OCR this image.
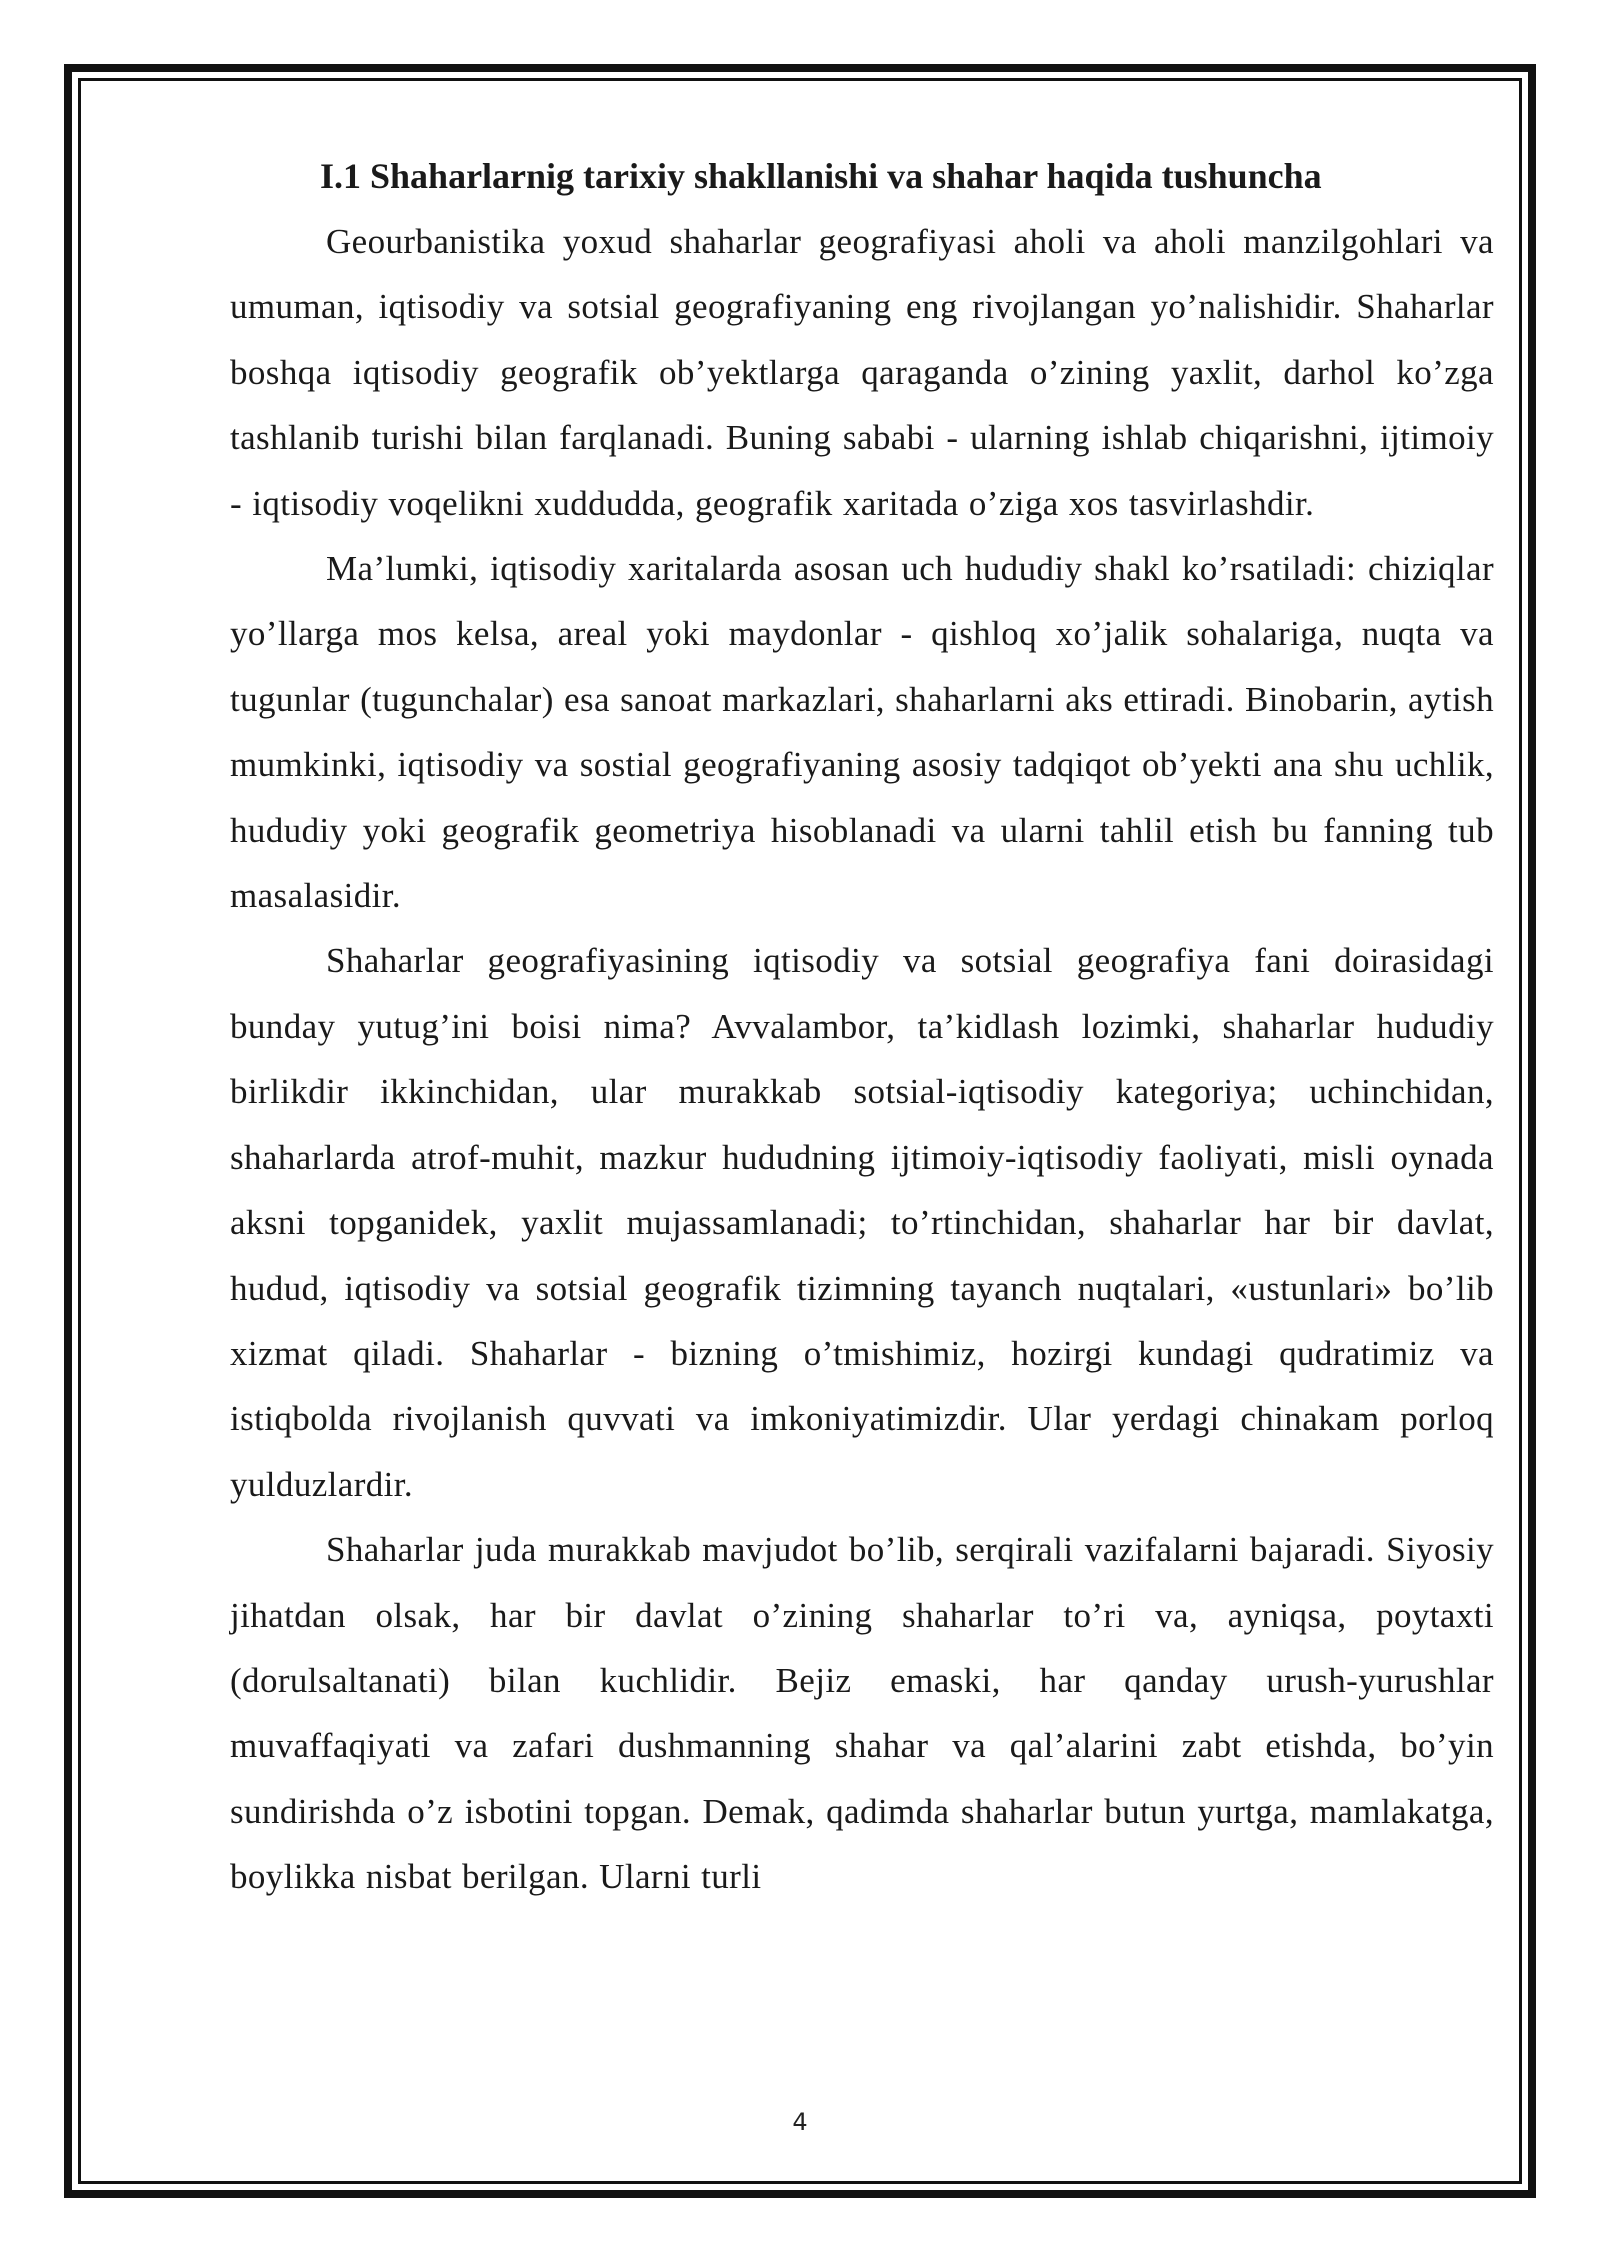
I.1 Shaharlarnig tarixiy shakllanishi va shahar haqida tushuncha

Geourbanistika yoxud shaharlar geografiyasi aholi va aholi manzilgohlari va umuman, iqtisodiy va sotsial geografiyaning eng rivojlangan yo’nalishidir. Shaharlar boshqa iqtisodiy geografik ob’yektlarga qaraganda o’zining yaxlit, darhol ko’zga tashlanib turishi bilan farqlanadi. Buning sababi - ularning ishlab chiqarishni, ijtimoiy - iqtisodiy voqelikni xuddudda, geografik xaritada o’ziga xos tasvirlashdir.

Ma’lumki, iqtisodiy xaritalarda asosan uch hududiy shakl ko’rsatiladi: chiziqlar yo’llarga mos kelsa, areal yoki maydonlar - qishloq xo’jalik sohalariga, nuqta va tugunlar (tugunchalar) esa sanoat markazlari, shaharlarni aks ettiradi. Binobarin, aytish mumkinki, iqtisodiy va sostial geografiyaning asosiy tadqiqot ob’yekti ana shu uchlik, hududiy yoki geografik geometriya hisoblanadi va ularni tahlil etish bu fanning tub masalasidir.

Shaharlar geografiyasining iqtisodiy va sotsial geografiya fani doirasidagi bunday yutug’ini boisi nima? Avvalambor, ta’kidlash lozimki, shaharlar hududiy birlikdir ikkinchidan, ular murakkab sotsial-iqtisodiy kategoriya; uchinchidan, shaharlarda atrof-muhit, mazkur hududning ijtimoiy-iqtisodiy faoliyati, misli oynada aksni topganidek, yaxlit mujassamlanadi; to’rtinchidan, shaharlar har bir davlat, hudud, iqtisodiy va sotsial geografik tizimning tayanch nuqtalari, «ustunlari» bo’lib xizmat qiladi. Shaharlar - bizning o’tmishimiz, hozirgi kundagi qudratimiz va istiqbolda rivojlanish quvvati va imkoniyatimizdir. Ular yerdagi chinakam porloq yulduzlardir.

Shaharlar juda murakkab mavjudot bo’lib, serqirali vazifalarni bajaradi. Siyosiy jihatdan olsak, har bir davlat o’zining shaharlar to’ri va, ayniqsa, poytaxti (dorulsaltanati) bilan kuchlidir. Bejiz emaski, har qanday urush-yurushlar muvaffaqiyati va zafari dushmanning shahar va qal’alarini zabt etishda, bo’yin sundirishda o’z isbotini topgan. Demak, qadimda shaharlar butun yurtga, mamlakatga, boylikka nisbat berilgan. Ularni turli

4
